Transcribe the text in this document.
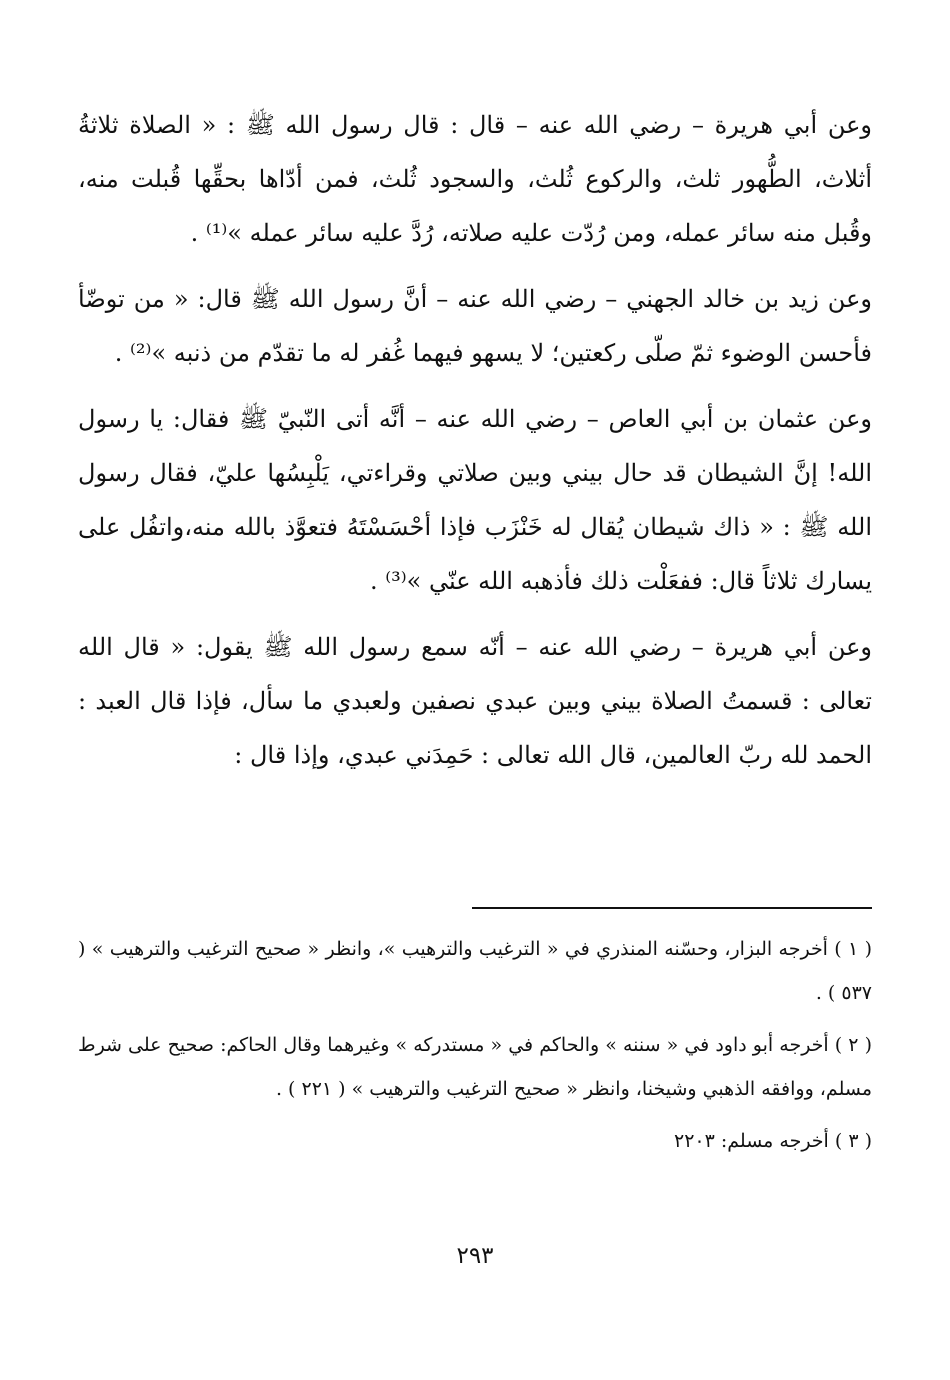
وعن أبي هريرة – رضي الله عنه – قال : قال رسول الله ﷺ : « الصلاة ثلاثةُ أثلاث، الطُّهور ثلث، والركوع ثُلث، والسجود ثُلث، فمن أدّاها بحقِّها قُبلت منه، وقُبل منه سائر عمله، ومن رُدّت عليه صلاته، رُدَّ عليه سائر عمله »⁽¹⁾ .

وعن زيد بن خالد الجهني – رضي الله عنه – أنَّ رسول الله ﷺ قال: « من توضّأ فأحسن الوضوء ثمّ صلّى ركعتين؛ لا يسهو فيهما غُفر له ما تقدّم من ذنبه »⁽²⁾ .

وعن عثمان بن أبي العاص – رضي الله عنه – أنَّه أتى النّبيّ ﷺ فقال: يا رسول الله! إنَّ الشيطان قد حال بيني وبين صلاتي وقراءتي، يَلْبِسُها عليّ، فقال رسول الله ﷺ : « ذاك شيطان يُقال له خَنْزَب فإذا أحْسَسْتَهُ فتعوَّذ بالله منه،واتفُل على يسارك ثلاثاً قال: ففعَلْت ذلك فأذهبه الله عنّي »⁽³⁾ .

وعن أبي هريرة – رضي الله عنه – أنّه سمع رسول الله ﷺ يقول: « قال الله تعالى : قسمتُ الصلاة بيني وبين عبدي نصفين ولعبدي ما سأل، فإذا قال العبد : الحمد لله ربّ العالمين، قال الله تعالى : حَمِدَني عبدي، وإذا قال :

( ١ ) أخرجه البزار، وحسّنه المنذري في « الترغيب والترهيب »، وانظر « صحيح الترغيب والترهيب » ( ٥٣٧ ) .

( ٢ ) أخرجه أبو داود في « سننه » والحاكم في « مستدركه » وغيرهما وقال الحاكم: صحيح على شرط مسلم، ووافقه الذهبي وشيخنا، وانظر « صحيح الترغيب والترهيب » ( ٢٢١ ) .

( ٣ ) أخرجه مسلم: ٢٢٠٣

٢٩٣
